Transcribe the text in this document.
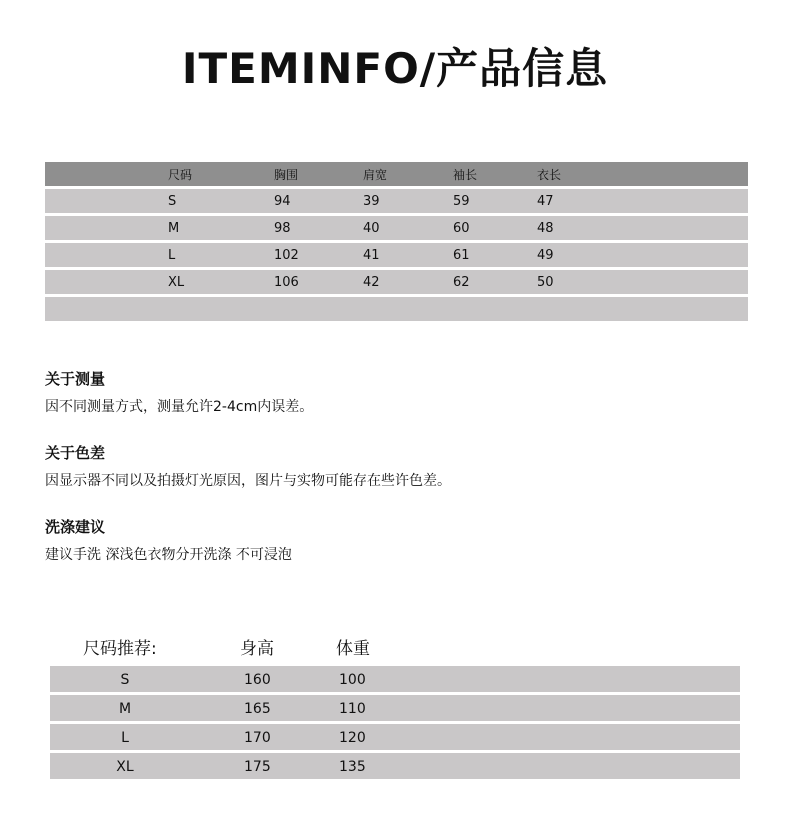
ITEMINFO/产品信息
尺码	胸围	肩宽	袖长	衣长
S	94	39	59	47
M	98	40	60	48
L	102	41	61	49
XL	106	42	62	50
关于测量
因不同测量方式，测量允许2-4cm内误差。
关于色差
因显示器不同以及拍摄灯光原因，图片与实物可能存在些许色差。
洗涤建议
建议手洗 深浅色衣物分开洗涤 不可浸泡
尺码推荐:	身高	体重
S	160	100
M	165	110
L	170	120
XL	175	135
